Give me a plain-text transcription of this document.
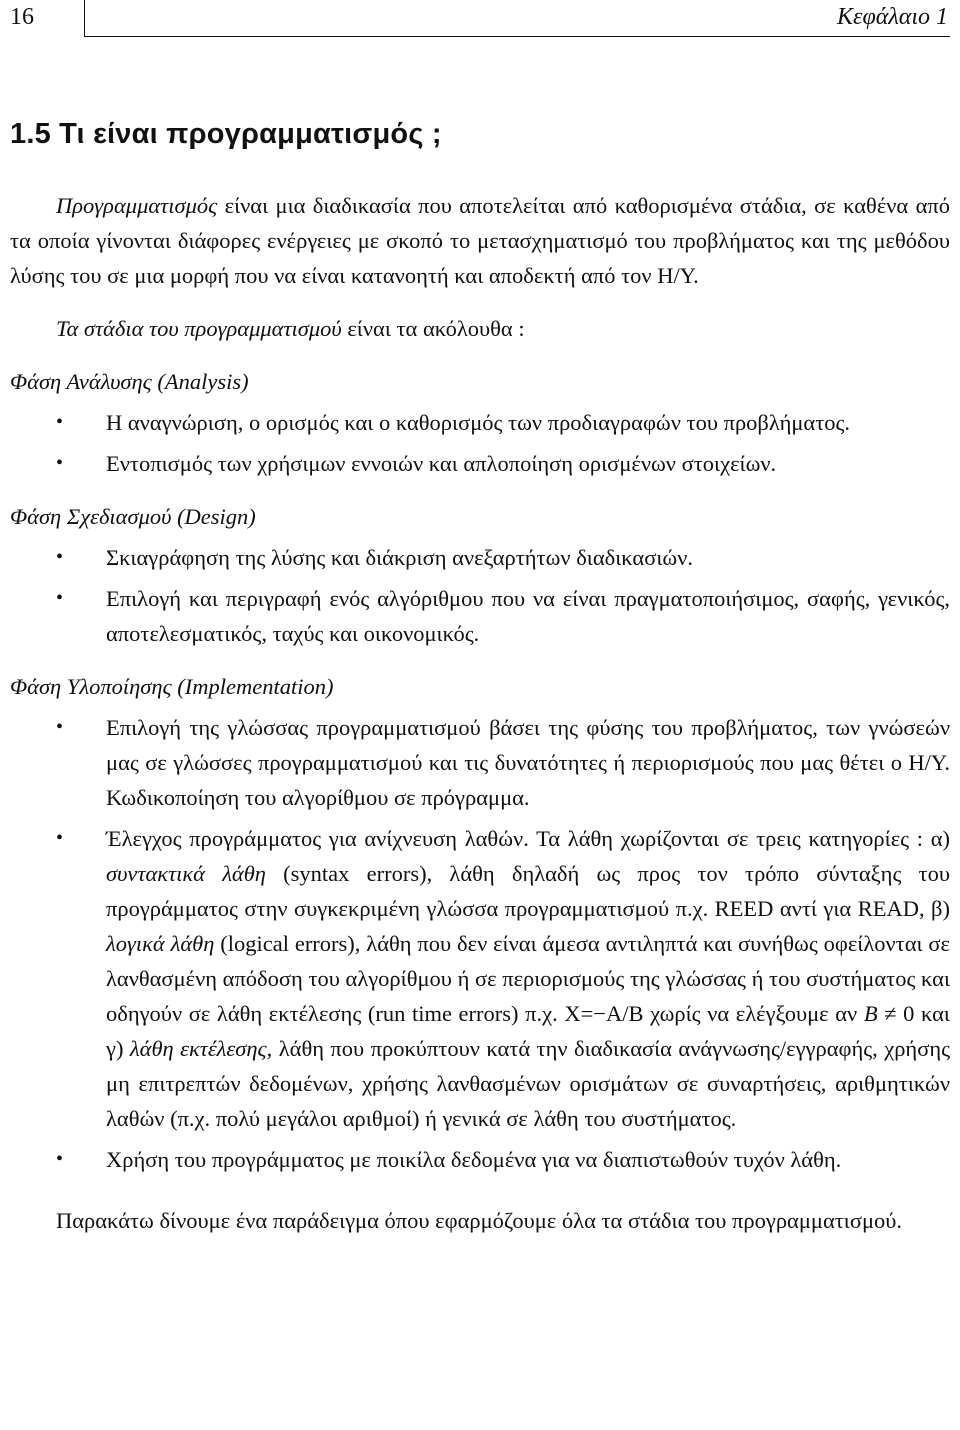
16	Κεφάλαιο 1
1.5 Τι είναι προγραμματισμός ;

Προγραμματισμός είναι μια διαδικασία που αποτελείται από καθορισμένα στάδια, σε καθένα από τα οποία γίνονται διάφορες ενέργειες με σκοπό το μετασχηματισμό του προβλήματος και της μεθόδου λύσης του σε μια μορφή που να είναι κατανοητή και αποδεκτή από τον Η/Υ.

Τα στάδια του προγραμματισμού είναι τα ακόλουθα :

Φάση Ανάλυσης (Analysis)

• Η αναγνώριση, ο ορισμός και ο καθορισμός των προδιαγραφών του προβλήματος.
• Εντοπισμός των χρήσιμων εννοιών και απλοποίηση ορισμένων στοιχείων.

Φάση Σχεδιασμού (Design)

• Σκιαγράφηση της λύσης και διάκριση ανεξαρτήτων διαδικασιών.
• Επιλογή και περιγραφή ενός αλγόριθμου που να είναι πραγματοποιήσιμος, σαφής, γενικός, αποτελεσματικός, ταχύς και οικονομικός.

Φάση Υλοποίησης (Implementation)

• Επιλογή της γλώσσας προγραμματισμού βάσει της φύσης του προβλήματος, των γνώσεών μας σε γλώσσες προγραμματισμού και τις δυνατότητες ή περιορισμούς που μας θέτει ο Η/Υ. Κωδικοποίηση του αλγορίθμου σε πρόγραμμα.
• Έλεγχος προγράμματος για ανίχνευση λαθών. Τα λάθη χωρίζονται σε τρεις κατηγορίες : α) συντακτικά λάθη (syntax errors), λάθη δηλαδή ως προς τον τρόπο σύνταξης του προγράμματος στην συγκεκριμένη γλώσσα προγραμματισμού π.χ. REED αντί για READ, β) λογικά λάθη (logical errors), λάθη που δεν είναι άμεσα αντιληπτά και συνήθως οφείλονται σε λανθασμένη απόδοση του αλγορίθμου ή σε περιορισμούς της γλώσσας ή του συστήματος και οδηγούν σε λάθη εκτέλεσης (run time errors) π.χ. X=−A/B χωρίς να ελέγξουμε αν B ≠ 0 και γ) λάθη εκτέλεσης, λάθη που προκύπτουν κατά την διαδικασία ανάγνωσης/εγγραφής, χρήσης μη επιτρεπτών δεδομένων, χρήσης λανθασμένων ορισμάτων σε συναρτήσεις, αριθμητικών λαθών (π.χ. πολύ μεγάλοι αριθμοί) ή γενικά σε λάθη του συστήματος.
• Χρήση του προγράμματος με ποικίλα δεδομένα για να διαπιστωθούν τυχόν λάθη.

Παρακάτω δίνουμε ένα παράδειγμα όπου εφαρμόζουμε όλα τα στάδια του προγραμματισμού.
